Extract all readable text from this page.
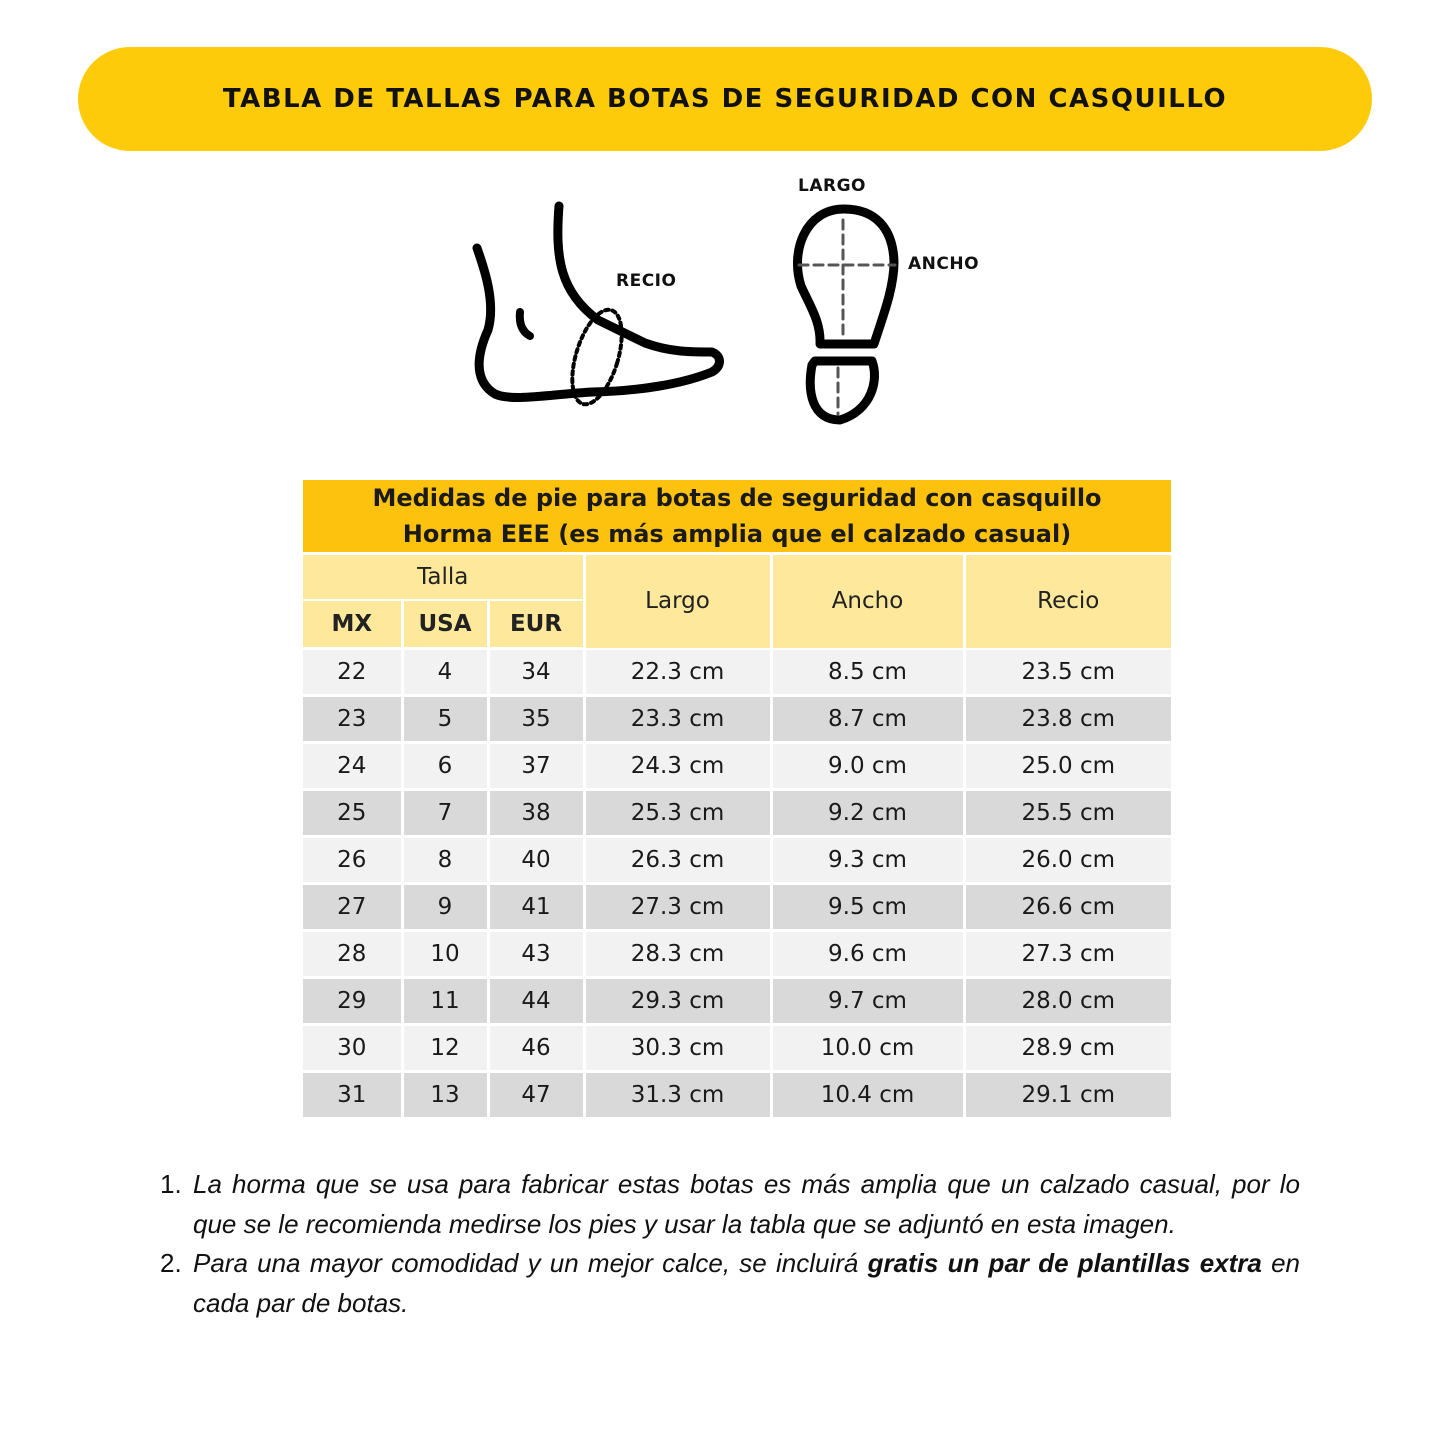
TABLA DE TALLAS PARA BOTAS DE SEGURIDAD CON CASQUILLO
RECIO
LARGO
ANCHO
Medidas de pie para botas de seguridad con casquillo
Horma EEE (es más amplia que el calzado casual)					

Talla			Largo	Ancho	Recio
MX	USA	EUR			
22	4	34	22.3 cm	8.5 cm	23.5 cm
23	5	35	23.3 cm	8.7 cm	23.8 cm
24	6	37	24.3 cm	9.0 cm	25.0 cm
25	7	38	25.3 cm	9.2 cm	25.5 cm
26	8	40	26.3 cm	9.3 cm	26.0 cm
27	9	41	27.3 cm	9.5 cm	26.6 cm
28	10	43	28.3 cm	9.6 cm	27.3 cm
29	11	44	29.3 cm	9.7 cm	28.0 cm
30	12	46	30.3 cm	10.0 cm	28.9 cm
31	13	47	31.3 cm	10.4 cm	29.1 cm
1. La horma que se usa para fabricar estas botas es más amplia que un calzado casual, por lo que se le recomienda medirse los pies y usar la tabla que se adjuntó en esta imagen.
2. Para una mayor comodidad y un mejor calce, se incluirá gratis un par de plantillas extra en cada par de botas.
